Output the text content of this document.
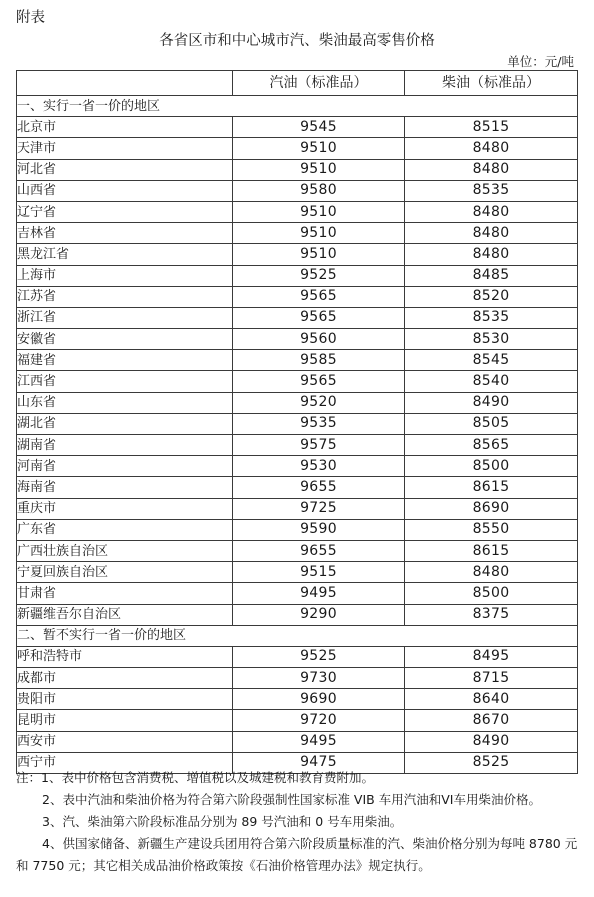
附表
各省区市和中心城市汽、柴油最高零售价格
单位：元/吨
	汽油（标准品）	柴油（标准品）
一、实行一省一价的地区		
北京市	9545	8515
天津市	9510	8480
河北省	9510	8480
山西省	9580	8535
辽宁省	9510	8480
吉林省	9510	8480
黑龙江省	9510	8480
上海市	9525	8485
江苏省	9565	8520
浙江省	9565	8535
安徽省	9560	8530
福建省	9585	8545
江西省	9565	8540
山东省	9520	8490
湖北省	9535	8505
湖南省	9575	8565
河南省	9530	8500
海南省	9655	8615
重庆市	9725	8690
广东省	9590	8550
广西壮族自治区	9655	8615
宁夏回族自治区	9515	8480
甘肃省	9495	8500
新疆维吾尔自治区	9290	8375
二、暂不实行一省一价的地区		
呼和浩特市	9525	8495
成都市	9730	8715
贵阳市	9690	8640
昆明市	9720	8670
西安市	9495	8490
西宁市	9475	8525

注：1、表中价格包含消费税、增值税以及城建税和教育费附加。

2、表中汽油和柴油价格为符合第六阶段强制性国家标准 VIB 车用汽油和VI车用柴油价格。

3、汽、柴油第六阶段标准品分别为 89 号汽油和 0 号车用柴油。

4、供国家储备、新疆生产建设兵团用符合第六阶段质量标准的汽、柴油价格分别为每吨 8780 元和 7750 元；其它相关成品油价格政策按《石油价格管理办法》规定执行。
